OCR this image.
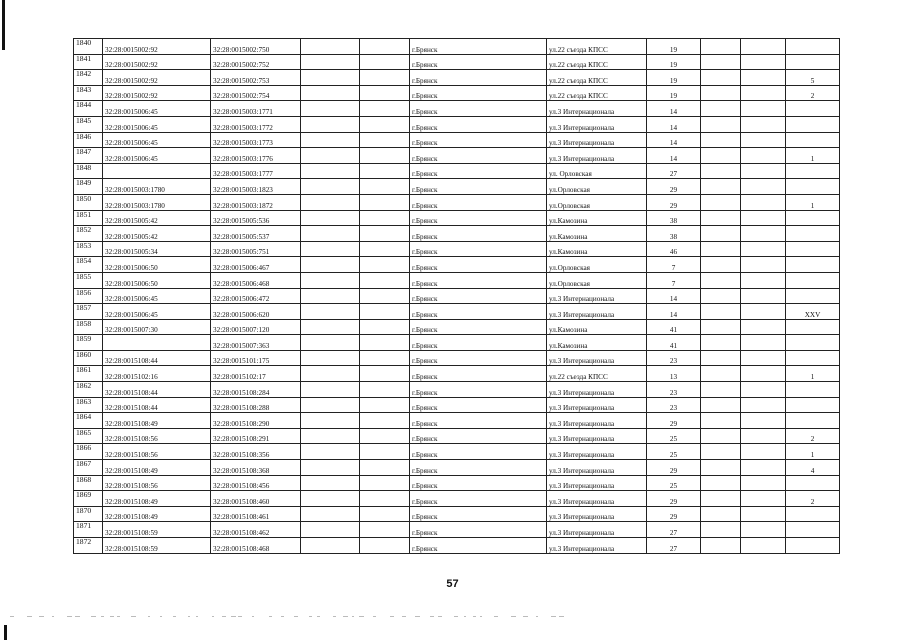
1840	32:28:0015002:92	32:28:0015002:750			г.Брянск	ул.22 съезда КПСС	19			
1841	32:28:0015002:92	32:28:0015002:752			г.Брянск	ул.22 съезда КПСС	19			
1842	32:28:0015002:92	32:28:0015002:753			г.Брянск	ул.22 съезда КПСС	19			5
1843	32:28:0015002:92	32:28:0015002:754			г.Брянск	ул.22 съезда КПСС	19			2
1844	32:28:0015006:45	32:28:0015003:1771			г.Брянск	ул.3 Интернационала	14			
1845	32:28:0015006:45	32:28:0015003:1772			г.Брянск	ул.3 Интернационала	14			
1846	32:28:0015006:45	32:28:0015003:1773			г.Брянск	ул.3 Интернационала	14			
1847	32:28:0015006:45	32:28:0015003:1776			г.Брянск	ул.3 Интернационала	14			1
1848		32:28:0015003:1777			г.Брянск	ул. Орловская	27			
1849	32:28:0015003:1780	32:28:0015003:1823			г.Брянск	ул.Орловская	29			
1850	32:28:0015003:1780	32:28:0015003:1872			г.Брянск	ул.Орловская	29			1
1851	32:28:0015005:42	32:28:0015005:536			г.Брянск	ул.Камозина	38			
1852	32:28:0015005:42	32:28:0015005:537			г.Брянск	ул.Камозина	38			
1853	32:28:0015005:34	32:28:0015005:751			г.Брянск	ул.Камозина	46			
1854	32:28:0015006:50	32:28:0015006:467			г.Брянск	ул.Орловская	7			
1855	32:28:0015006:50	32:28:0015006:468			г.Брянск	ул.Орловская	7			
1856	32:28:0015006:45	32:28:0015006:472			г.Брянск	ул.3 Интернационала	14			
1857	32:28:0015006:45	32:28:0015006:620			г.Брянск	ул.3 Интернационала	14			XXV
1858	32:28:0015007:30	32:28:0015007:120			г.Брянск	ул.Камозина	41			
1859		32:28:0015007:363			г.Брянск	ул.Камозина	41			
1860	32:28:0015108:44	32:28:0015101:175			г.Брянск	ул.3 Интернационала	23			
1861	32:28:0015102:16	32:28:0015102:17			г.Брянск	ул.22 съезда КПСС	13			1
1862	32:28:0015108:44	32:28:0015108:284			г.Брянск	ул.3 Интернационала	23			
1863	32:28:0015108:44	32:28:0015108:288			г.Брянск	ул.3 Интернационала	23			
1864	32:28:0015108:49	32:28:0015108:290			г.Брянск	ул.3 Интернационала	29			
1865	32:28:0015108:56	32:28:0015108:291			г.Брянск	ул.3 Интернационала	25			2
1866	32:28:0015108:56	32:28:0015108:356			г.Брянск	ул.3 Интернационала	25			1
1867	32:28:0015108:49	32:28:0015108:368			г.Брянск	ул.3 Интернационала	29			4
1868	32:28:0015108:56	32:28:0015108:456			г.Брянск	ул.3 Интернационала	25			
1869	32:28:0015108:49	32:28:0015108:460			г.Брянск	ул.3 Интернационала	29			2
1870	32:28:0015108:49	32:28:0015108:461			г.Брянск	ул.3 Интернационала	29			
1871	32:28:0015108:59	32:28:0015108:462			г.Брянск	ул.3 Интернационала	27			
1872	32:28:0015108:59	32:28:0015108:468			г.Брянск	ул.3 Интернационала	27			
57
